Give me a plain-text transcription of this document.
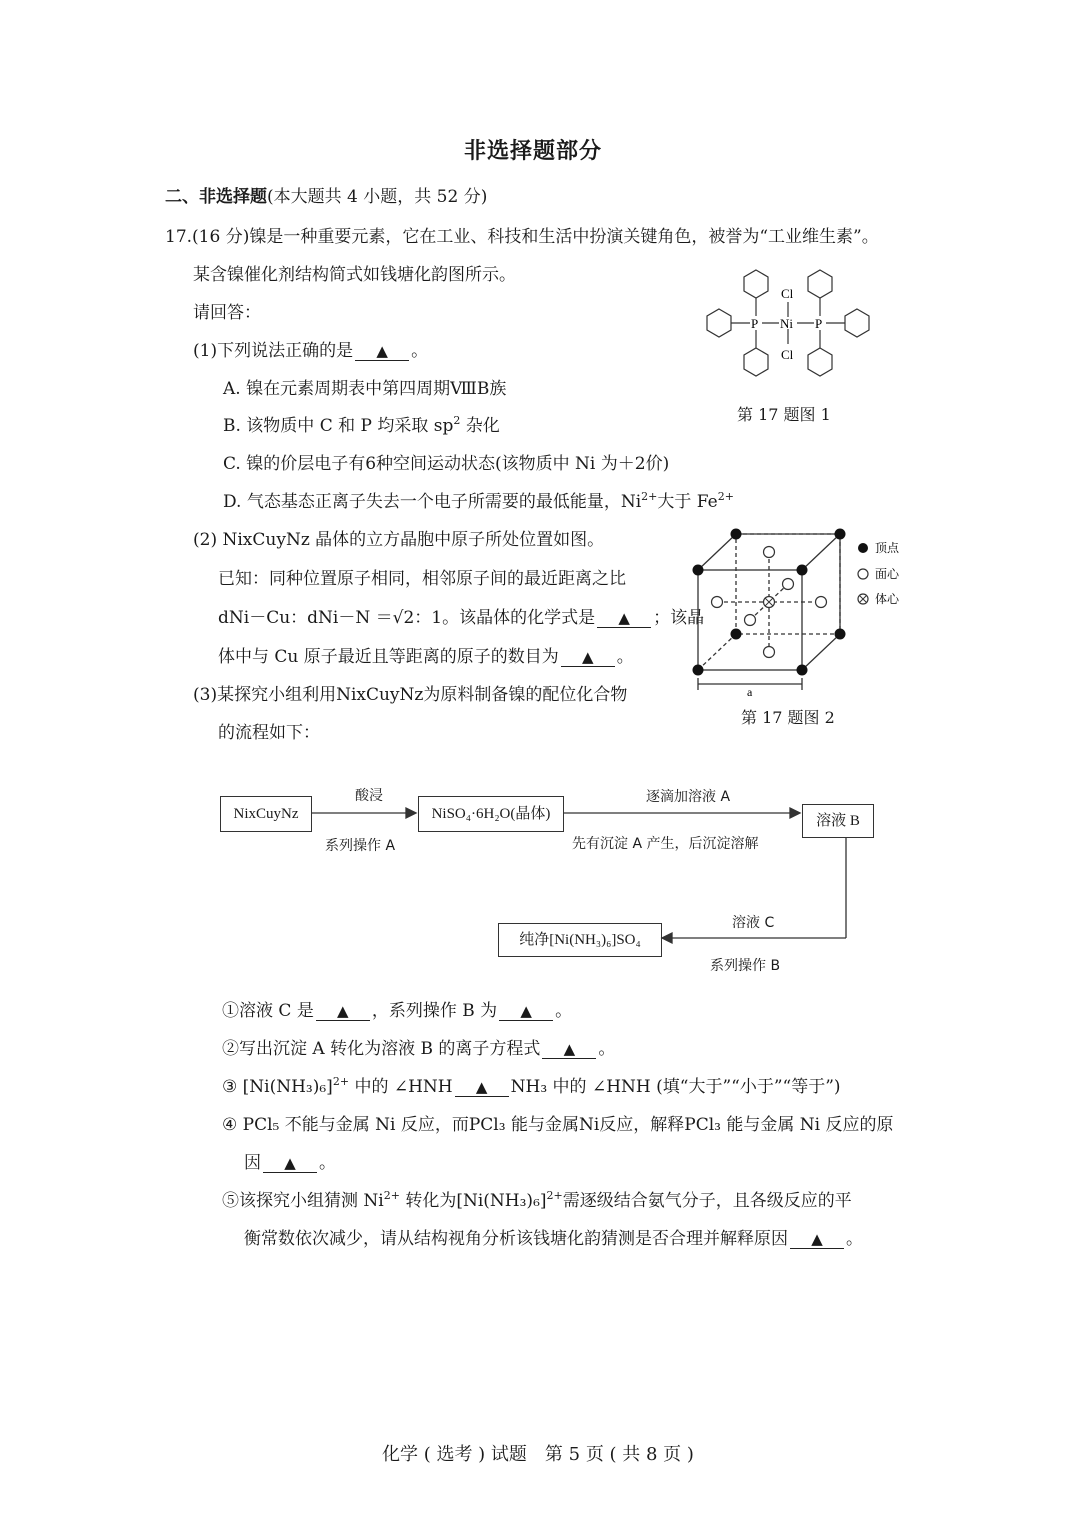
非选择题部分
二、非选择题(本大题共 4 小题，共 52 分)
17.(16 分)镍是一种重要元素，它在工业、科技和生活中扮演关键角色，被誉为“工业维生素”。
某含镍催化剂结构简式如钱塘化韵图所示。
请回答：
(1)下列说法正确的是 ▲ 。
A. 镍在元素周期表中第四周期ⅧB族
B. 该物质中 C 和 P 均采取 $sp^2$ 杂化
C. 镍的价层电子有6种空间运动状态(该物质中 Ni 为＋2价)
D. 气态基态正离子失去一个电子所需要的最低能量，$Ni^{2+}$大于 $Fe^{2+}$
P	P
Ni
Cl
Cl
第 17 题图 1
(2) NixCuyNz 晶体的立方晶胞中原子所处位置如图。
已知：同种位置原子相同，相邻原子间的最近距离之比
dNi－Cu：dNi－N ＝√2：1。该晶体的化学式是 ▲ ；该晶
体中与 Cu 原子最近且等距离的原子的数目为 ▲ 。
a
顶点
面心
体心
第 17 题图 2
(3)某探究小组利用NixCuyNz为原料制备镍的配位化合物
的流程如下：
NixCuyNz	NiSO₄·6H₂O(晶体)	溶液 B
纯净[Ni(NH₃)₆]SO₄
酸浸
系列操作 A
逐滴加溶液 A
先有沉淀 A 产生，后沉淀溶解
溶液 C
系列操作 B
①溶液 C 是 ▲ ，系列操作 B 为 ▲ 。
②写出沉淀 A 转化为溶液 B 的离子方程式 ▲ 。
③ $[Ni(NH_3)_6]^{2+}$ 中的 ∠HNH ▲ NH₃ 中的 ∠HNH (填“大于”“小于”“等于”)
④ PCl₅ 不能与金属 Ni 反应，而PCl₃ 能与金属Ni反应，解释PCl₃ 能与金属 Ni 反应的原
因 ▲ 。
⑤该探究小组猜测 $Ni^{2+}$ 转化为$[Ni(NH_3)_6]^{2+}$需逐级结合氨气分子，且各级反应的平
衡常数依次减少，请从结构视角分析该钱塘化韵猜测是否合理并解释原因 ▲ 。
化学 ( 选考 ) 试题　第 5 页 ( 共 8 页 )
